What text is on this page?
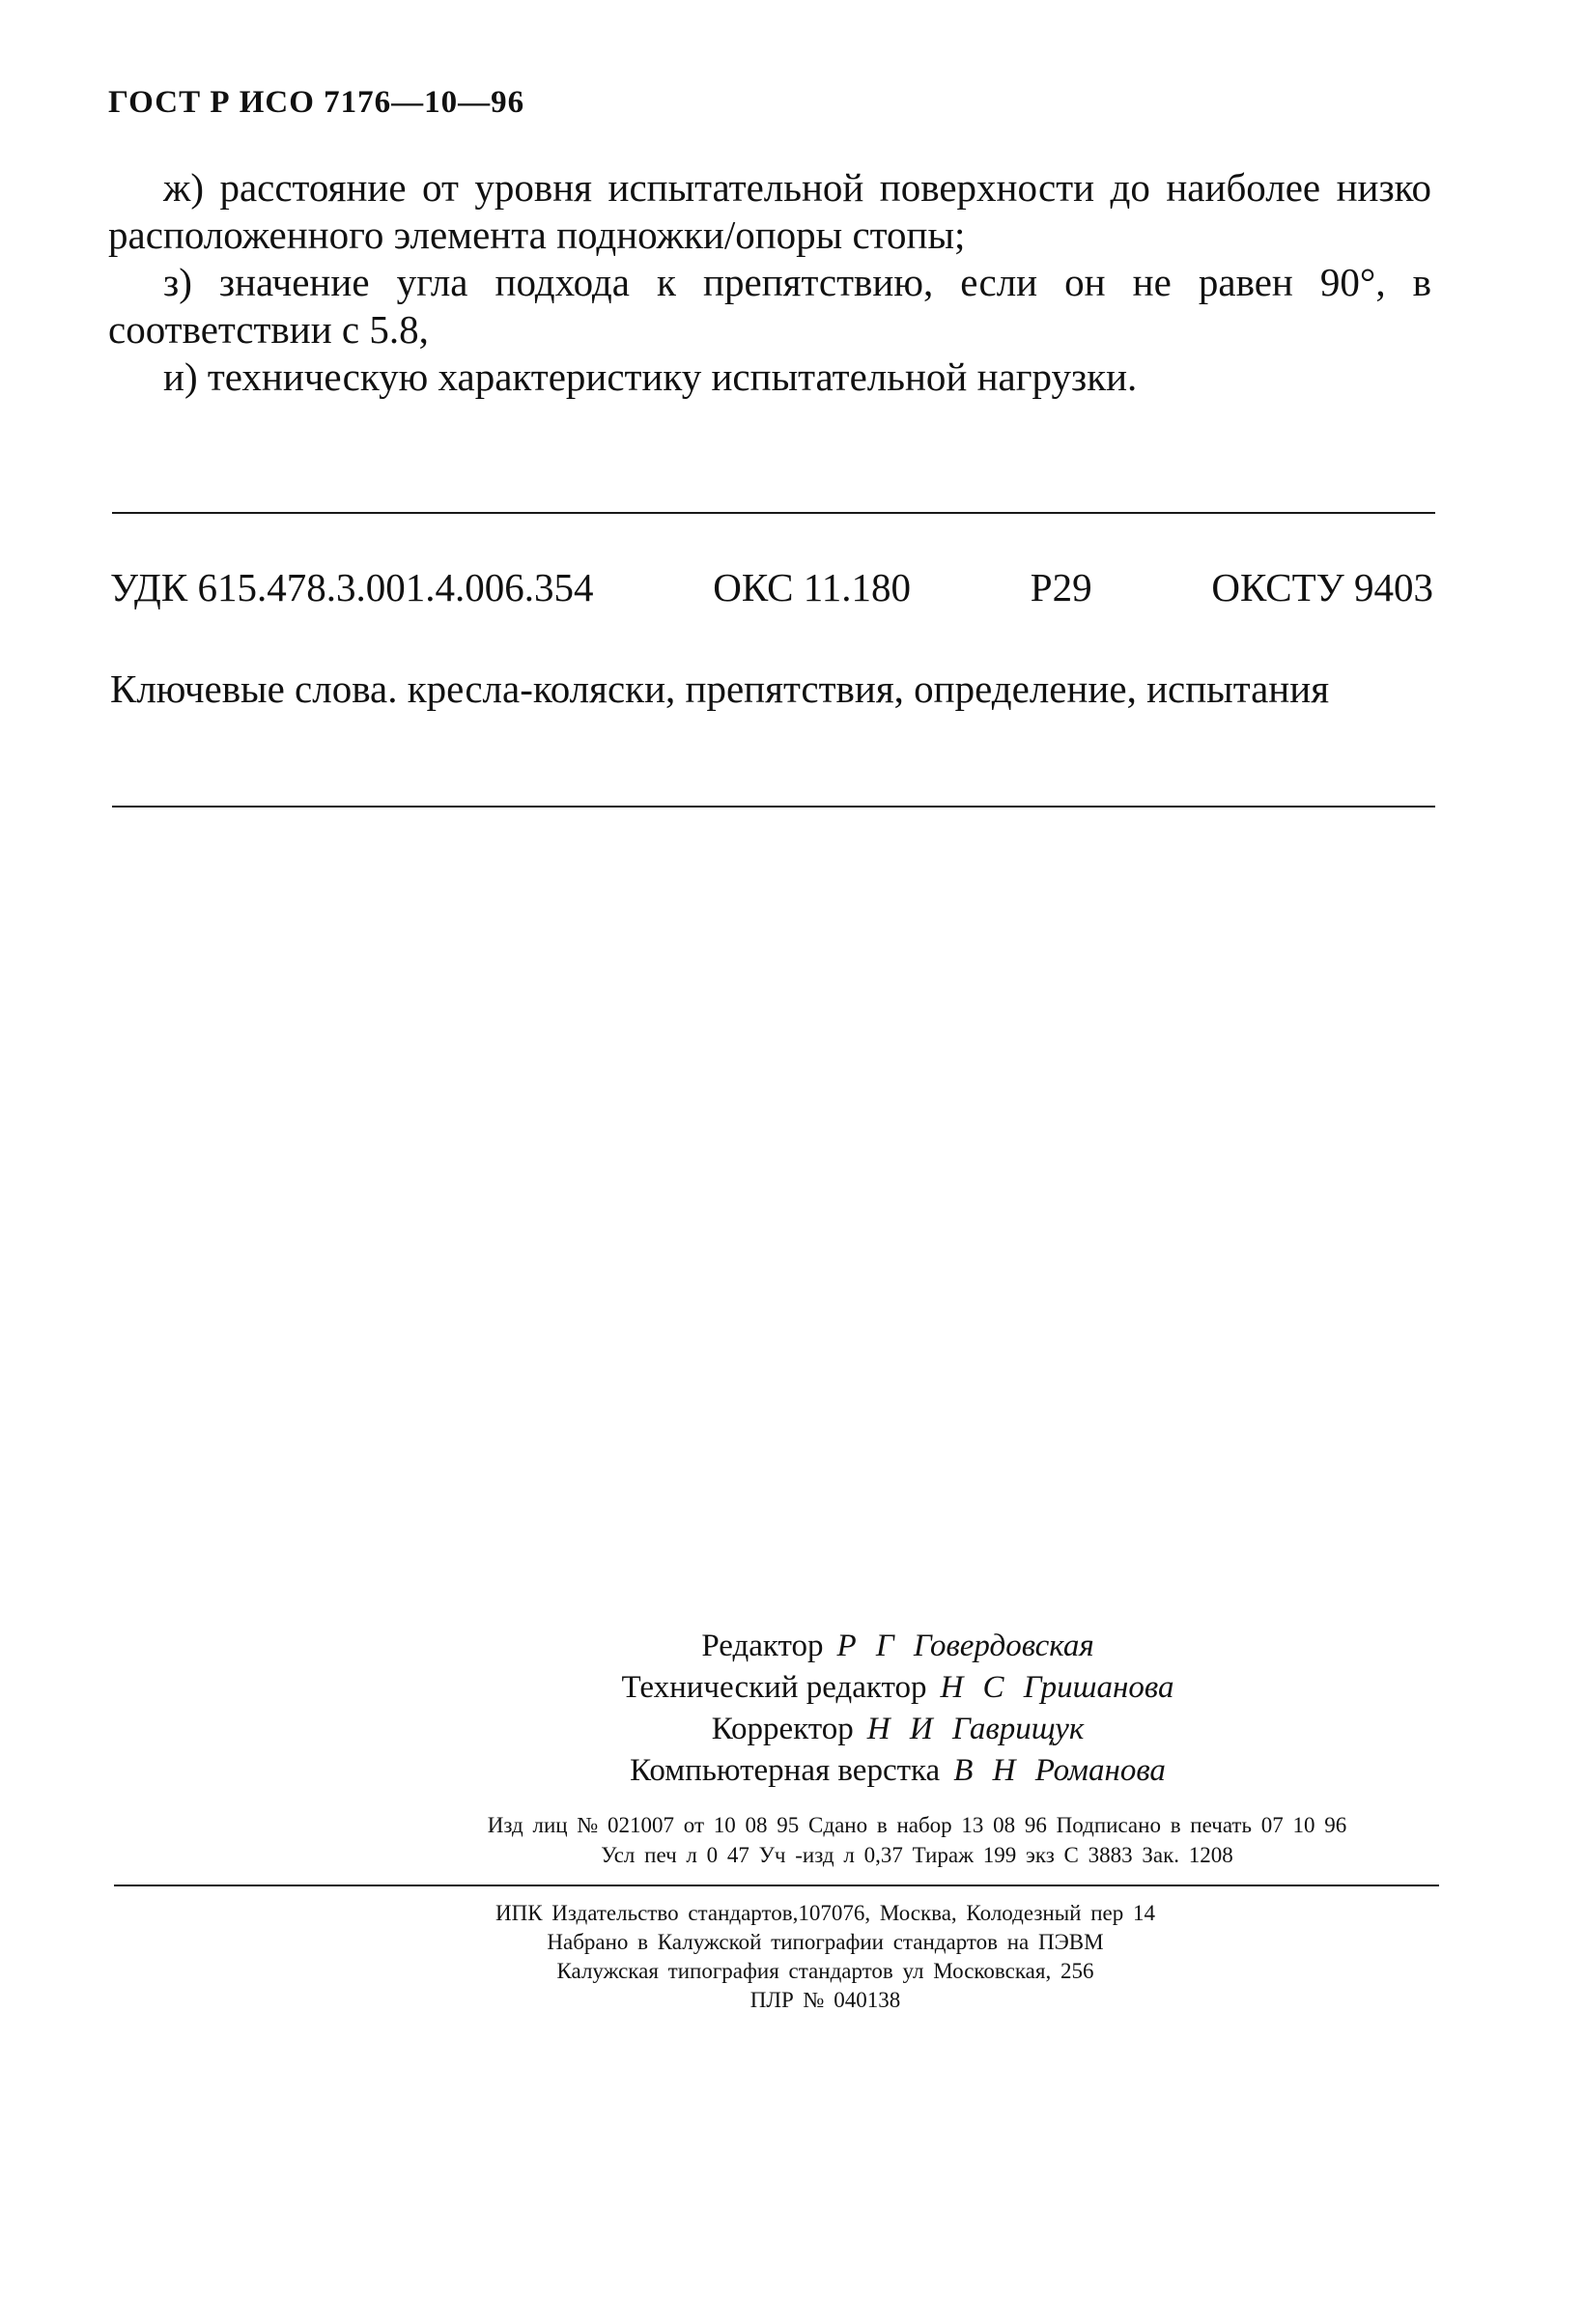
ГОСТ Р ИСО 7176—10—96

ж) расстояние от уровня испытательной поверхности до наиболее низко расположенного элемента подножки/опоры стопы;

з) значение угла подхода к препятствию, если он не равен 90°, в соответствии с 5.8,

и) техническую характеристику испытательной нагрузки.

УДК 615.478.3.001.4.006.354	ОКС 11.180	Р29	ОКСТУ 9403
Ключевые слова. кресла-коляски, препятствия, определение, испытания
Редактор Р Г Говердовская
Технический редактор Н С Гришанова
Корректор Н И Гаврищук
Компьютерная верстка В Н Романова
Изд лиц № 021007 от 10 08 95 Сдано в набор 13 08 96 Подписано в печать 07 10 96
Усл печ л 0 47 Уч -изд л 0,37 Тираж 199 экз С 3883 Зак. 1208
ИПК Издательство стандартов,107076, Москва, Колодезный пер 14
Набрано в Калужской типографии стандартов на ПЭВМ
Калужская типография стандартов ул Московская, 256
ПЛР № 040138
